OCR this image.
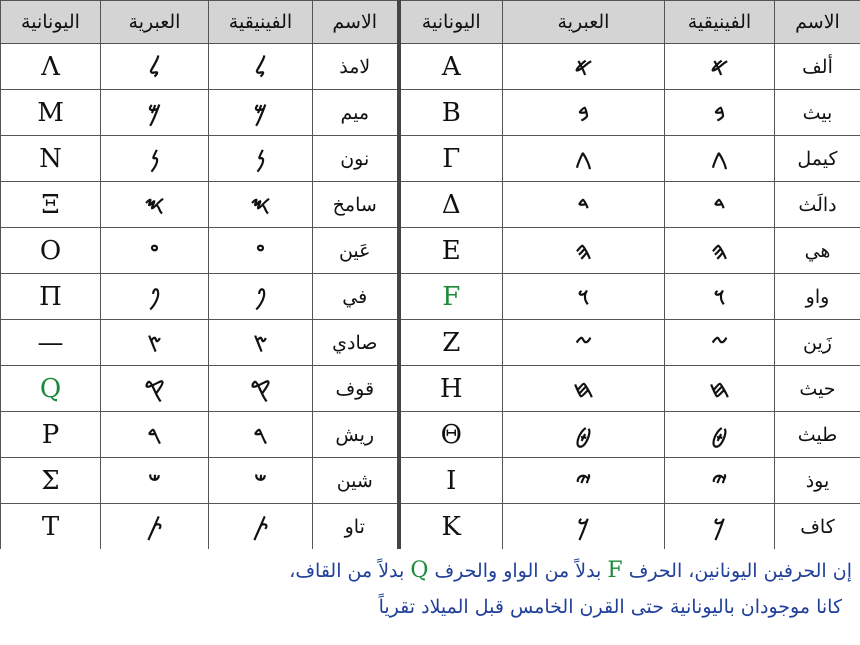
اليونانية	العبرية	الفينيقية	الاسم	اليونانية	العبرية	الفينيقية	الاسم
Λ	𐤋	𐤋	لامذ	A	𐤀	𐤀	ألف
M	𐤌	𐤌	ميم	B	𐤁	𐤁	بيث
N	𐤍	𐤍	نون	Γ	𐤂	𐤂	كيمل
Ξ	𐤎	𐤎	سامخ	Δ	𐤃	𐤃	دالَث
O	𐤏	𐤏	عَين	E	𐤄	𐤄	هي
Π	𐤐	𐤐	في	F	𐤅	𐤅	واو
—	𐤑	𐤑	صادي	Z	𐤆	𐤆	زَين
Q	𐤒	𐤒	قوف	H	𐤇	𐤇	حيث
P	𐤓	𐤓	ريش	Θ	𐤈	𐤈	طيث
Σ	𐤔	𐤔	شين	I	𐤉	𐤉	يوذ
T	𐤕	𐤕	تاو	K	𐤊	𐤊	كاف
إن الحرفين اليونانين، الحرف F بدلاً من الواو والحرف Q بدلاً من القاف،
كانا موجودان باليونانية حتى القرن الخامس قبل الميلاد تقرياً
